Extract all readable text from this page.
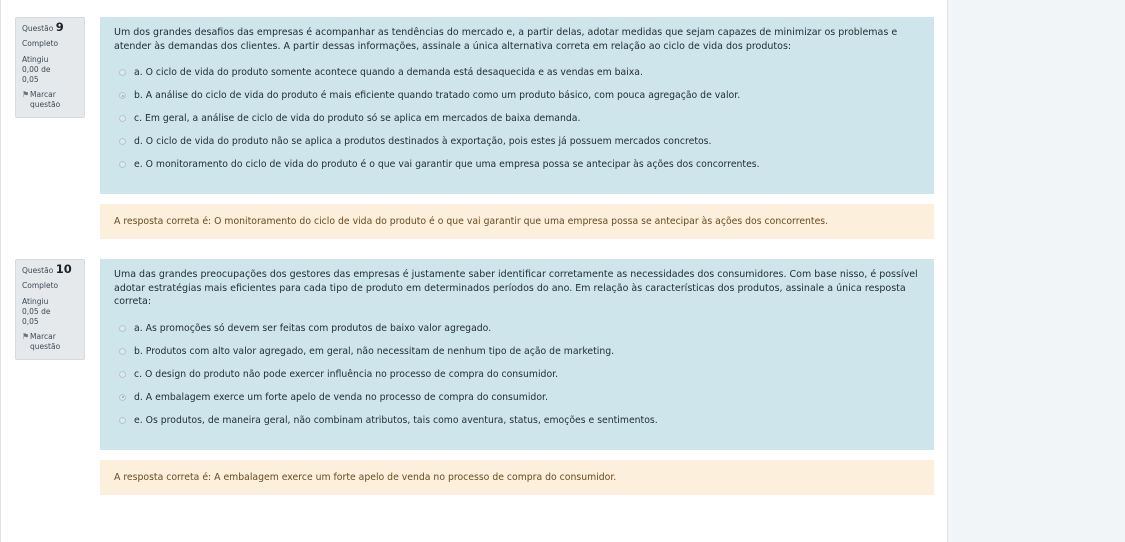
Questão 9
Completo
Atingiu 0,00 de 0,05
⚑ Marcar questão
Um dos grandes desafios das empresas é acompanhar as tendências do mercado e, a partir delas, adotar medidas que sejam capazes de minimizar os problemas e atender às demandas dos clientes. A partir dessas informações, assinale a única alternativa correta em relação ao ciclo de vida dos produtos:
a. O ciclo de vida do produto somente acontece quando a demanda está desaquecida e as vendas em baixa.
b. A análise do ciclo de vida do produto é mais eficiente quando tratado como um produto básico, com pouca agregação de valor.
c. Em geral, a análise de ciclo de vida do produto só se aplica em mercados de baixa demanda.
d. O ciclo de vida do produto não se aplica a produtos destinados à exportação, pois estes já possuem mercados concretos.
e. O monitoramento do ciclo de vida do produto é o que vai garantir que uma empresa possa se antecipar às ações dos concorrentes.
A resposta correta é: O monitoramento do ciclo de vida do produto é o que vai garantir que uma empresa possa se antecipar às ações dos concorrentes.
Questão 10
Completo
Atingiu 0,05 de 0,05
⚑ Marcar questão
Uma das grandes preocupações dos gestores das empresas é justamente saber identificar corretamente as necessidades dos consumidores. Com base nisso, é possível adotar estratégias mais eficientes para cada tipo de produto em determinados períodos do ano. Em relação às características dos produtos, assinale a única resposta correta:
a. As promoções só devem ser feitas com produtos de baixo valor agregado.
b. Produtos com alto valor agregado, em geral, não necessitam de nenhum tipo de ação de marketing.
c. O design do produto não pode exercer influência no processo de compra do consumidor.
d. A embalagem exerce um forte apelo de venda no processo de compra do consumidor.
e. Os produtos, de maneira geral, não combinam atributos, tais como aventura, status, emoções e sentimentos.
A resposta correta é: A embalagem exerce um forte apelo de venda no processo de compra do consumidor.
